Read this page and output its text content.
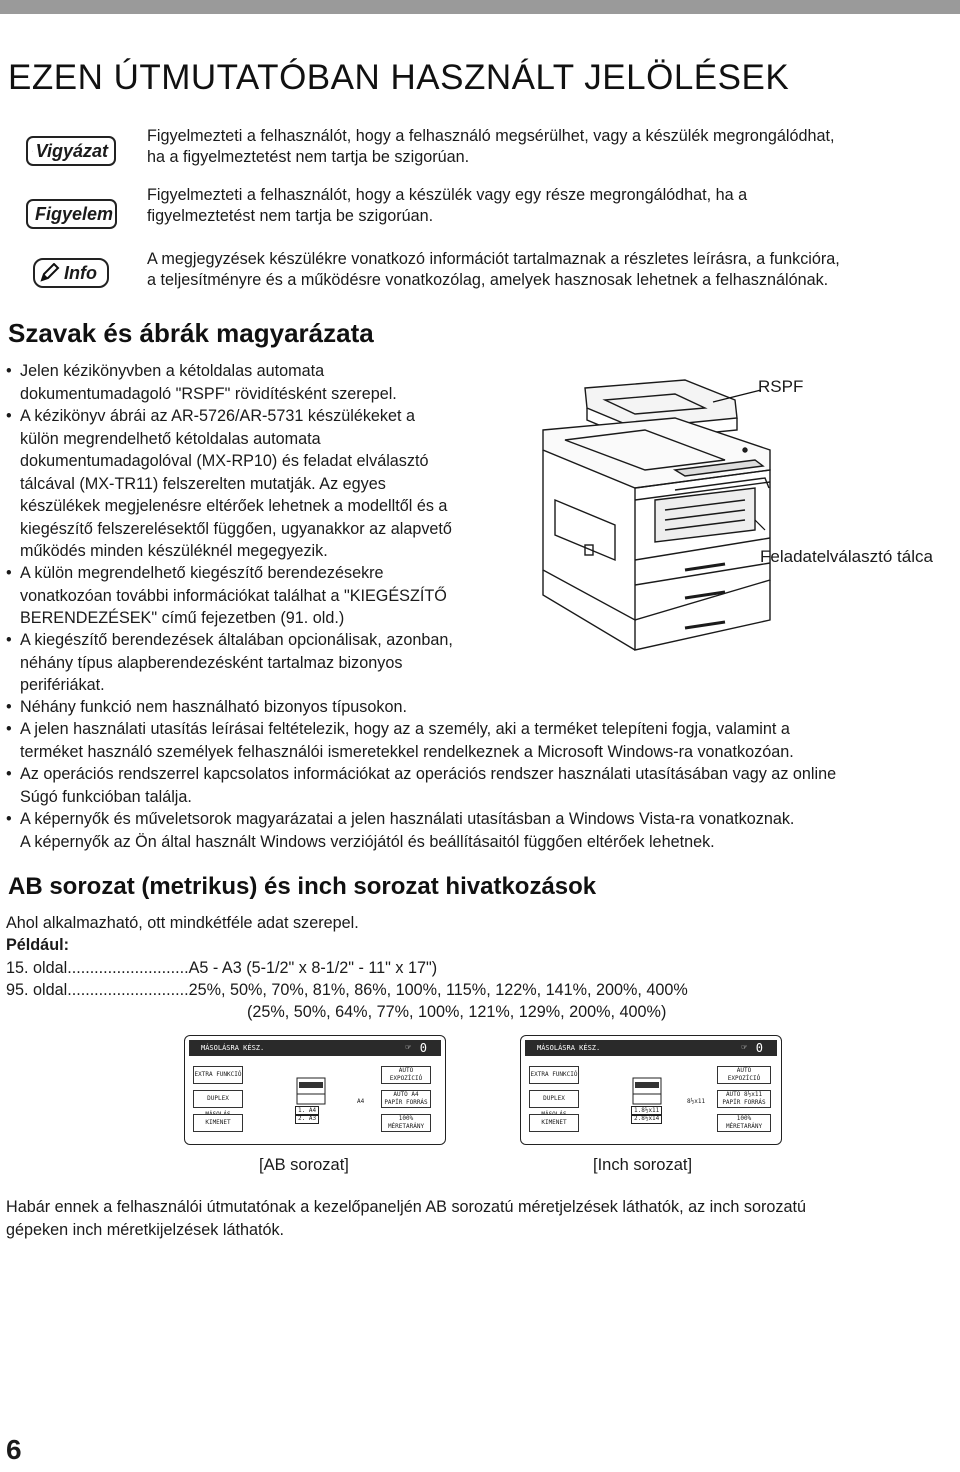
EZEN ÚTMUTATÓBAN HASZNÁLT JELÖLÉSEK
Vigyázat
Figyelmezteti a felhasználót, hogy a felhasználó megsérülhet, vagy a készülék megrongálódhat,
ha a figyelmeztetést nem tartja be szigorúan.
Figyelem
Figyelmezteti a felhasználót, hogy a készülék vagy egy része megrongálódhat, ha a
figyelmeztetést nem tartja be szigorúan.
Info
A megjegyzések készülékre vonatkozó információt tartalmaznak a részletes leírásra, a funkcióra,
a teljesítményre és a működésre vonatkozólag, amelyek hasznosak lehetnek a felhasználónak.
Szavak és ábrák magyarázata
• Jelen kézikönyvben a kétoldalas automata
dokumentumadagoló "RSPF" rövidítésként szerepel.
• A kézikönyv ábrái az AR-5726/AR-5731 készülékeket a
külön megrendelhető kétoldalas automata
dokumentumadagolóval (MX-RP10) és feladat elválasztó
tálcával (MX-TR11) felszerelten mutatják. Az egyes
készülékek megjelenésre eltérőek lehetnek a modelltől és a
kiegészítő felszerelésektől függően, ugyanakkor az alapvető
működés minden készüléknél megegyezik.
• A külön megrendelhető kiegészítő berendezésekre
vonatkozóan további információkat találhat a "KIEGÉSZÍTŐ
BERENDEZÉSEK" című fejezetben (91. old.)
• A kiegészítő berendezések általában opcionálisak, azonban,
néhány típus alapberendezésként tartalmaz bizonyos
perifériákat.
• Néhány funkció nem használható bizonyos típusokon.
• A jelen használati utasítás leírásai feltételezik, hogy az a személy, aki a terméket telepíteni fogja, valamint a
terméket használó személyek felhasználói ismeretekkel rendelkeznek a Microsoft Windows-ra vonatkozóan.
• Az operációs rendszerrel kapcsolatos információkat az operációs rendszer használati utasításában vagy az online
Súgó funkcióban találja.
• A képernyők és műveletsorok magyarázatai a jelen használati utasításban a Windows Vista-ra vonatkoznak.
A képernyők az Ön által használt Windows verziójától és beállításaitól függően eltérőek lehetnek.
RSPF
Feladatelválasztó tálca
AB sorozat (metrikus) és inch sorozat hivatkozások
Ahol alkalmazható, ott mindkétféle adat szerepel.
Például:
15. oldal...........................A5 - A3 (5-1/2" x 8-1/2" - 11" x 17")
95. oldal...........................25%, 50%, 70%, 81%, 86%, 100%, 115%, 122%, 141%, 200%, 400%
(25%, 50%, 64%, 77%, 100%, 121%, 129%, 200%, 400%)
MÁSOLÁSRA KÉSZ.	☞ 0
EXTRA FUNKCIÓ
DUPLEX
KIMENET
1. A4
2. A3
A4
AUTO
EXPOZÍCIÓ
AUTO A4
PAPÍR FORRÁS
100%
MÉRETARÁNY
[AB sorozat]
MÁSOLÁSRA KÉSZ.	☞ 0
EXTRA FUNKCIÓ
DUPLEX
KIMENET
1.8½x11
2.8½x14
8½x11
AUTO
EXPOZÍCIÓ
AUTO 8½x11
PAPÍR FORRÁS
100%
MÉRETARÁNY
[Inch sorozat]
Habár ennek a felhasználói útmutatónak a kezelőpaneljén AB sorozatú méretjelzések láthatók, az inch sorozatú
gépeken inch méretkijelzések láthatók.
6
